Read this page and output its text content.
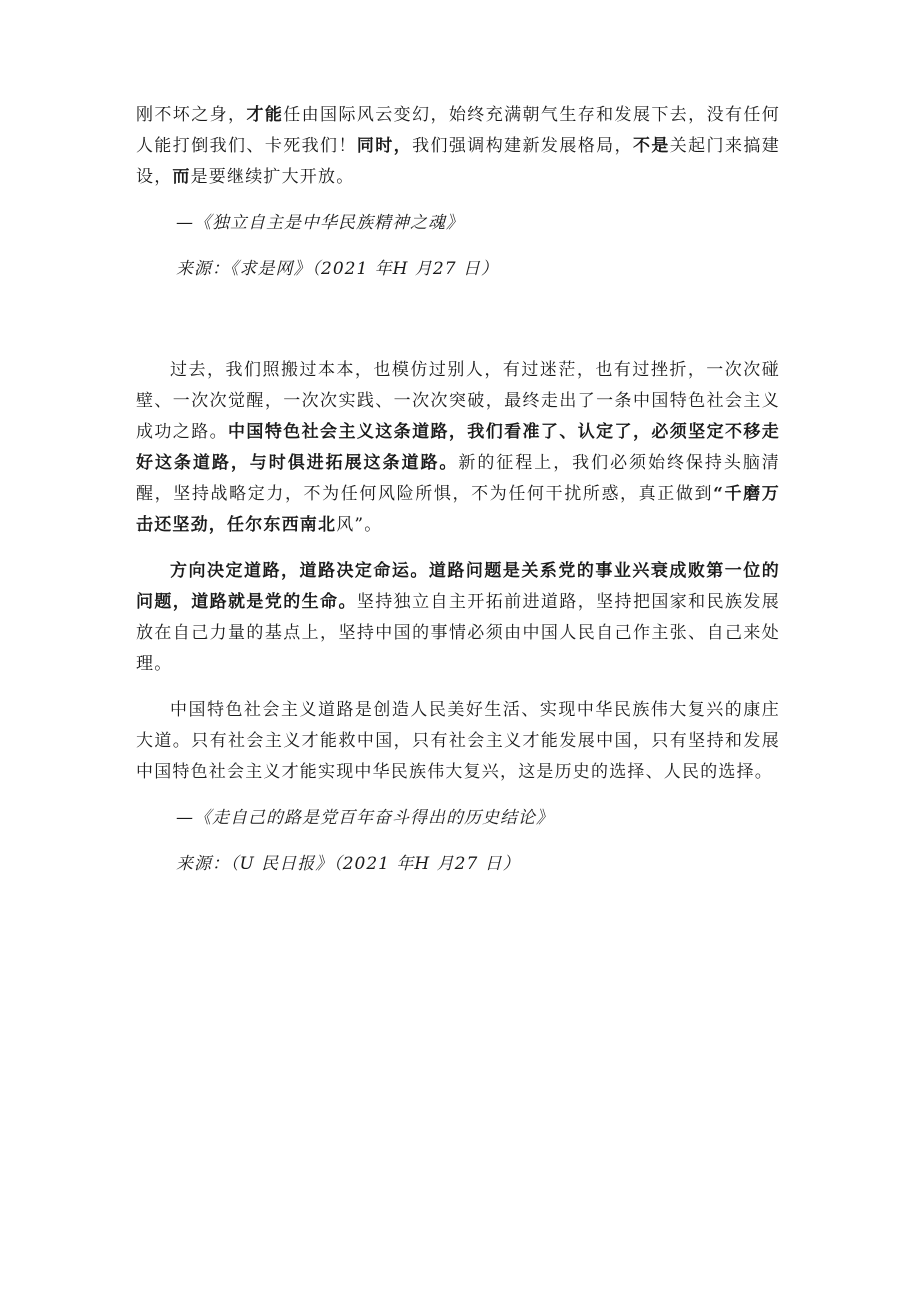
刚不坏之身，才能任由国际风云变幻，始终充满朝气生存和发展下去，没有任何人能打倒我们、卡死我们！同时，我们强调构建新发展格局，不是关起门来搞建设，而是要继续扩大开放。

—《独立自主是中华民族精神之魂》

来源：《求是网》（2021 年H 月27 日）

过去，我们照搬过本本，也模仿过别人，有过迷茫，也有过挫折，一次次碰壁、一次次觉醒，一次次实践、一次次突破，最终走出了一条中国特色社会主义成功之路。中国特色社会主义这条道路，我们看准了、认定了，必须坚定不移走好这条道路，与时俱进拓展这条道路。新的征程上，我们必须始终保持头脑清醒，坚持战略定力，不为任何风险所惧，不为任何干扰所惑，真正做到“千磨万击还坚劲，任尔东西南北风”。

方向决定道路，道路决定命运。道路问题是关系党的事业兴衰成败第一位的问题，道路就是党的生命。坚持独立自主开拓前进道路，坚持把国家和民族发展放在自己力量的基点上，坚持中国的事情必须由中国人民自己作主张、自己来处理。

中国特色社会主义道路是创造人民美好生活、实现中华民族伟大复兴的康庄大道。只有社会主义才能救中国，只有社会主义才能发展中国，只有坚持和发展中国特色社会主义才能实现中华民族伟大复兴，这是历史的选择、人民的选择。

—《走自己的路是党百年奋斗得出的历史结论》

来源：（U 民日报》（2021 年H 月27 日）
